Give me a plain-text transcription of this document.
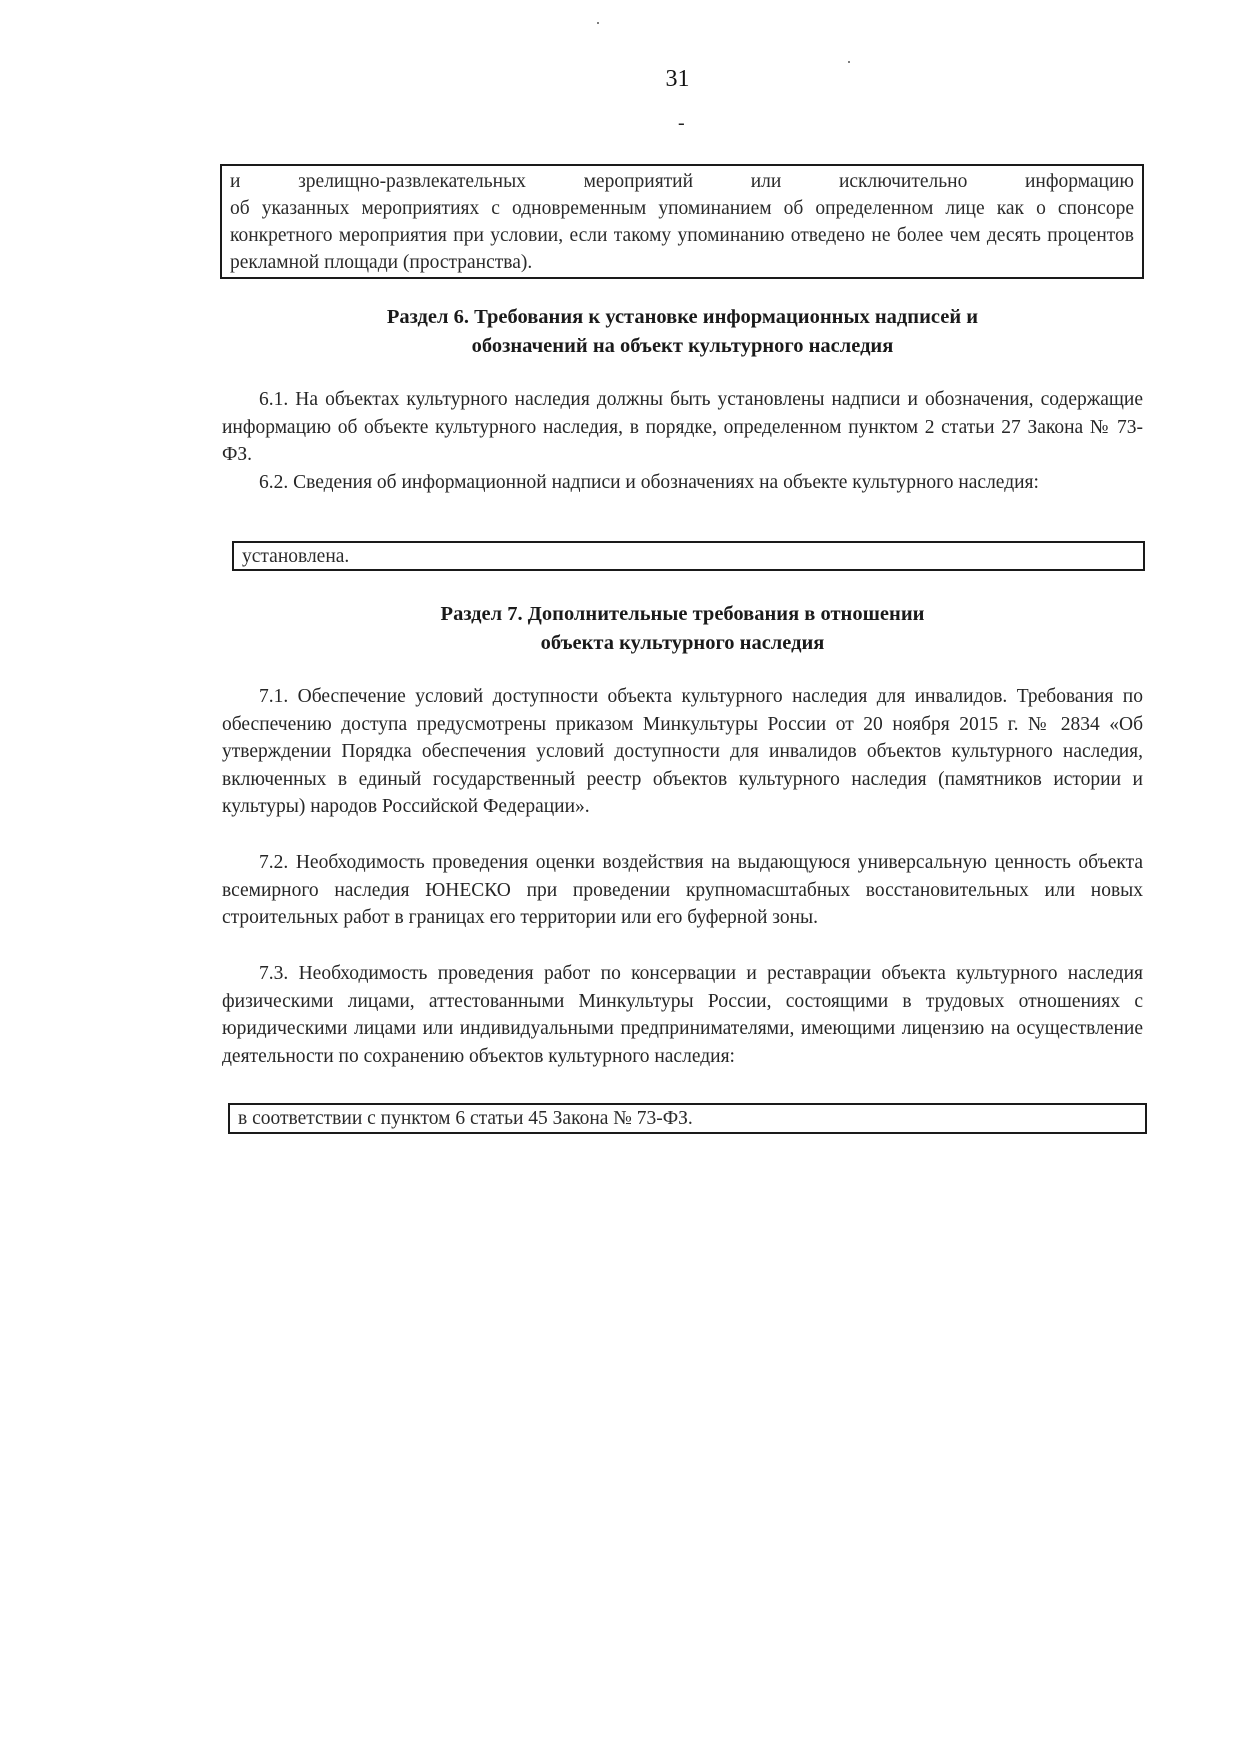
31
-

и зрелищно-развлекательных мероприятий или исключительно информацию

об указанных мероприятиях с одновременным упоминанием об определенном лице как о спонсоре конкретного мероприятия при условии, если такому упоминанию отведено не более чем десять процентов рекламной площади (пространства).

Раздел 6. Требования к установке информационных надписей и
обозначений на объект культурного наследия

6.1. На объектах культурного наследия должны быть установлены надписи и обозначения, содержащие информацию об объекте культурного наследия, в порядке, определенном пунктом 2 статьи 27 Закона № 73-ФЗ.

6.2. Сведения об информационной надписи и обозначениях на объекте культурного наследия:

установлена.

Раздел 7. Дополнительные требования в отношении
объекта культурного наследия

7.1. Обеспечение условий доступности объекта культурного наследия для инвалидов. Требования по обеспечению доступа предусмотрены приказом Минкультуры России от 20 ноября 2015 г. № 2834 «Об утверждении Порядка обеспечения условий доступности для инвалидов объектов культурного наследия, включенных в единый государственный реестр объектов культурного наследия (памятников истории и культуры) народов Российской Федерации».

7.2. Необходимость проведения оценки воздействия на выдающуюся универсальную ценность объекта всемирного наследия ЮНЕСКО при проведении крупномасштабных восстановительных или новых строительных работ в границах его территории или его буферной зоны.

7.3. Необходимость проведения работ по консервации и реставрации объекта культурного наследия физическими лицами, аттестованными Минкультуры России, состоящими в трудовых отношениях с юридическими лицами или индивидуальными предпринимателями, имеющими лицензию на осуществление деятельности по сохранению объектов культурного наследия:

в соответствии с пунктом 6 статьи 45 Закона № 73-ФЗ.
